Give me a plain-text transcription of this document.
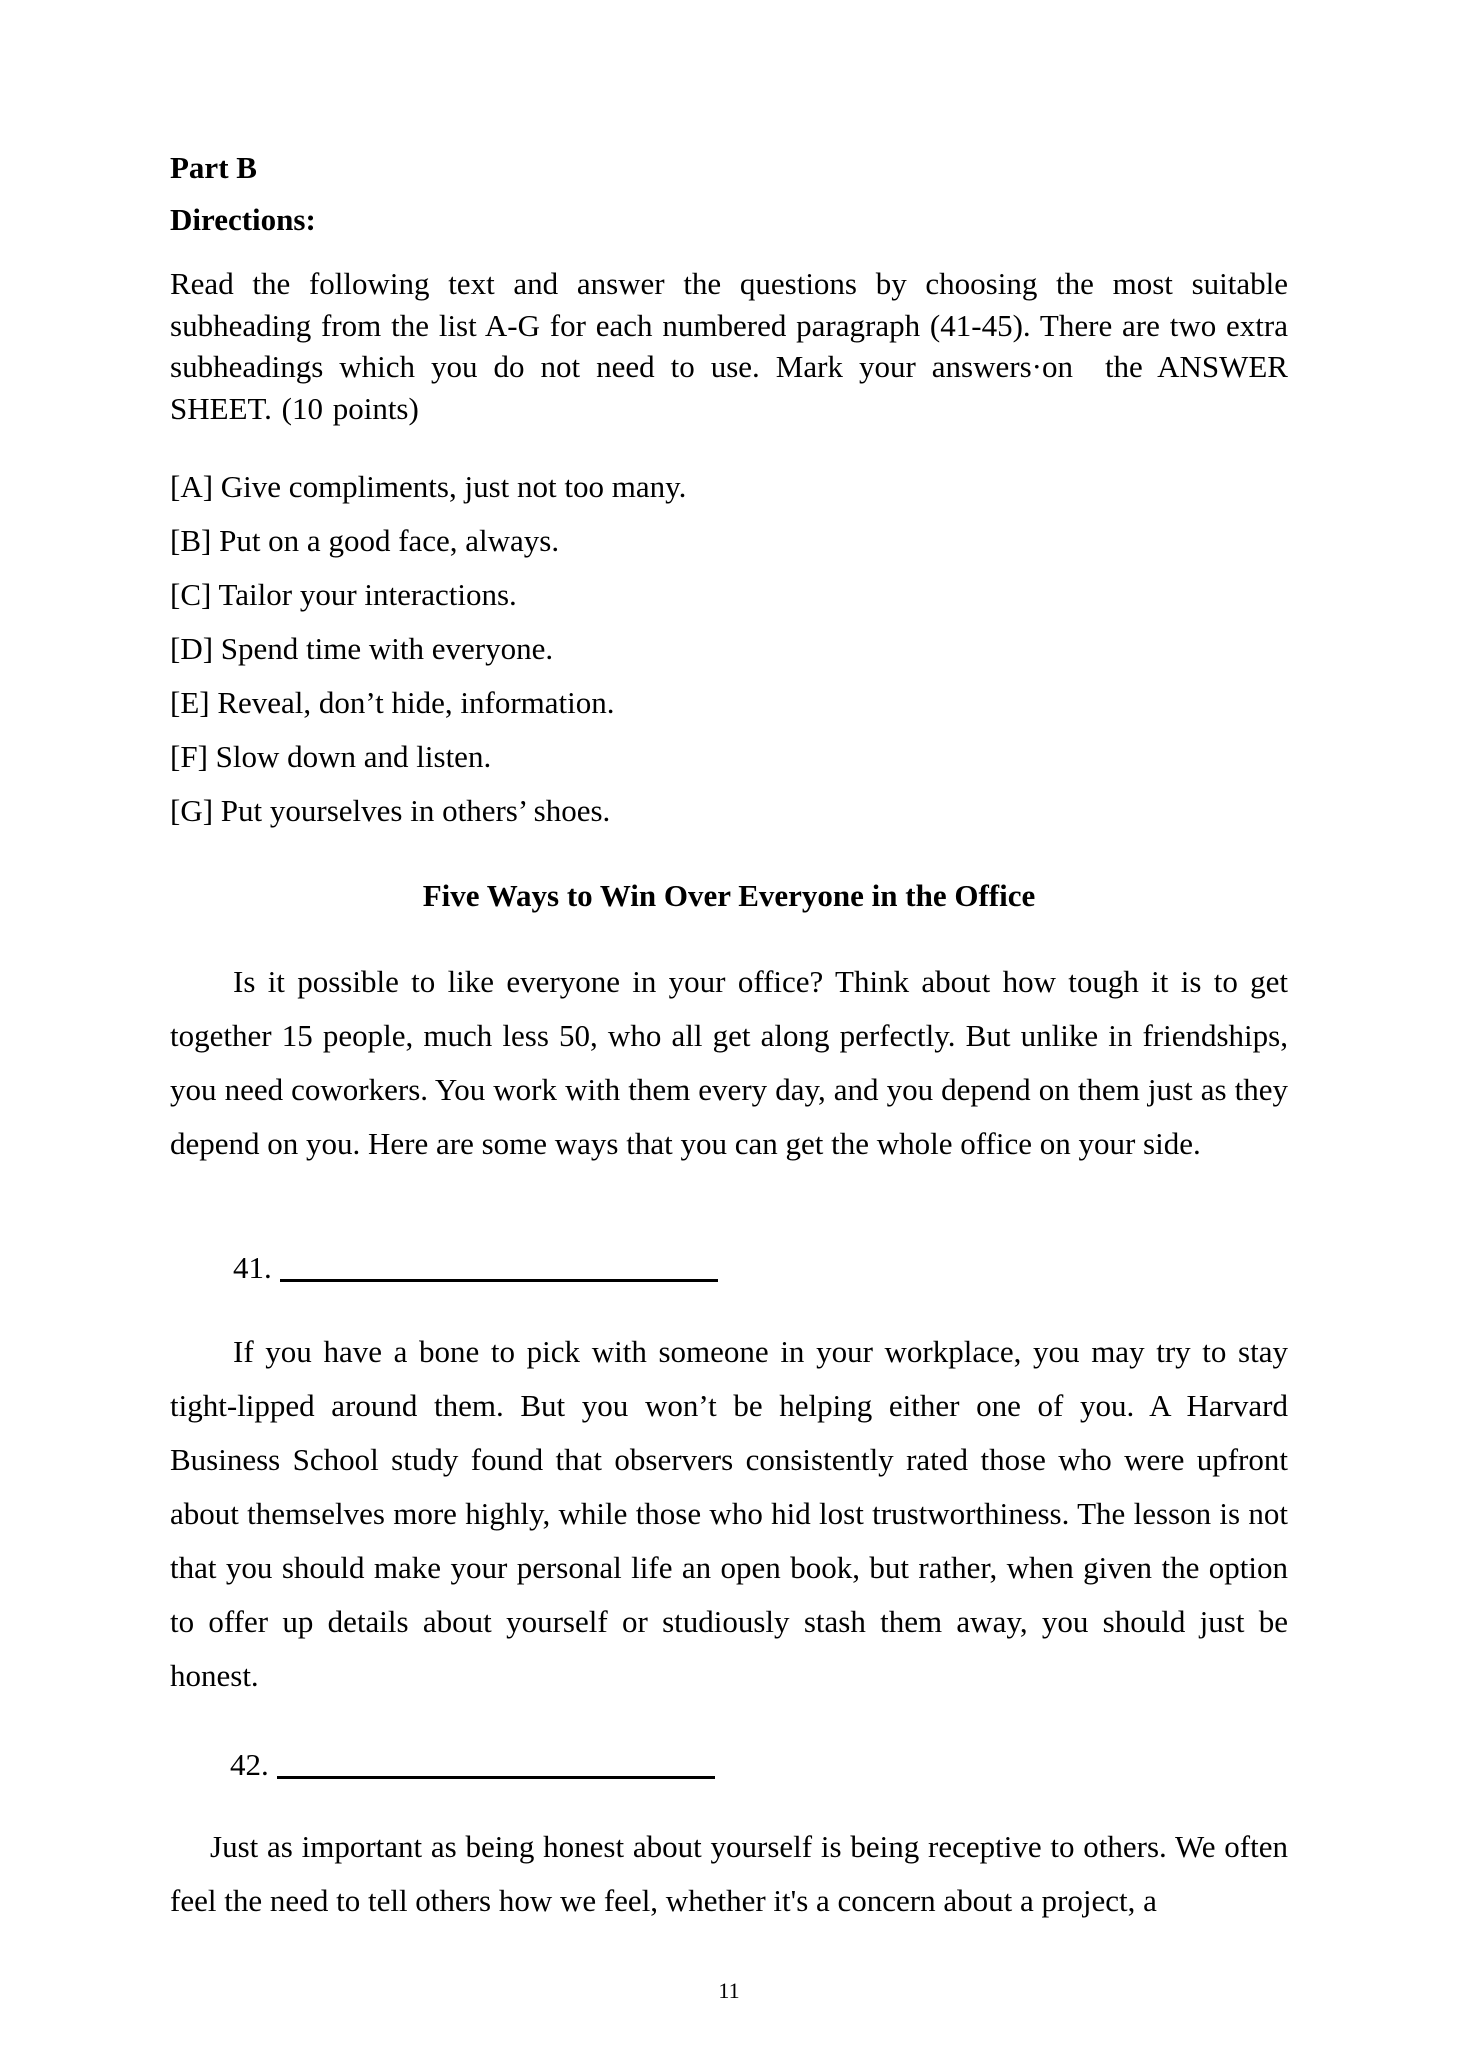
Part B
Directions:

Read the following text and answer the questions by choosing the most suitable subheading from the list A-G for each numbered paragraph (41-45). There are two extra subheadings which you do not need to use. Mark your answers·on  the ANSWER SHEET. (10 points)

[A] Give compliments, just not too many.
[B] Put on a good face, always.
[C] Tailor your interactions.
[D] Spend time with everyone.
[E] Reveal, don’t hide, information.
[F] Slow down and listen.
[G] Put yourselves in others’ shoes.
Five Ways to Win Over Everyone in the Office

Is it possible to like everyone in your office? Think about how tough it is to get together 15 people, much less 50, who all get along perfectly. But unlike in friendships, you need coworkers. You work with them every day, and you depend on them just as they depend on you. Here are some ways that you can get the whole office on your side.

41.

If you have a bone to pick with someone in your workplace, you may try to stay tight-lipped around them. But you won’t be helping either one of you. A Harvard Business School study found that observers consistently rated those who were upfront about themselves more highly, while those who hid lost trustworthiness. The lesson is not that you should make your personal life an open book, but rather, when given the option to offer up details about yourself or studiously stash them away, you should just be honest.

42.

Just as important as being honest about yourself is being receptive to others. We often feel the need to tell others how we feel, whether it's a concern about a project, a

11
